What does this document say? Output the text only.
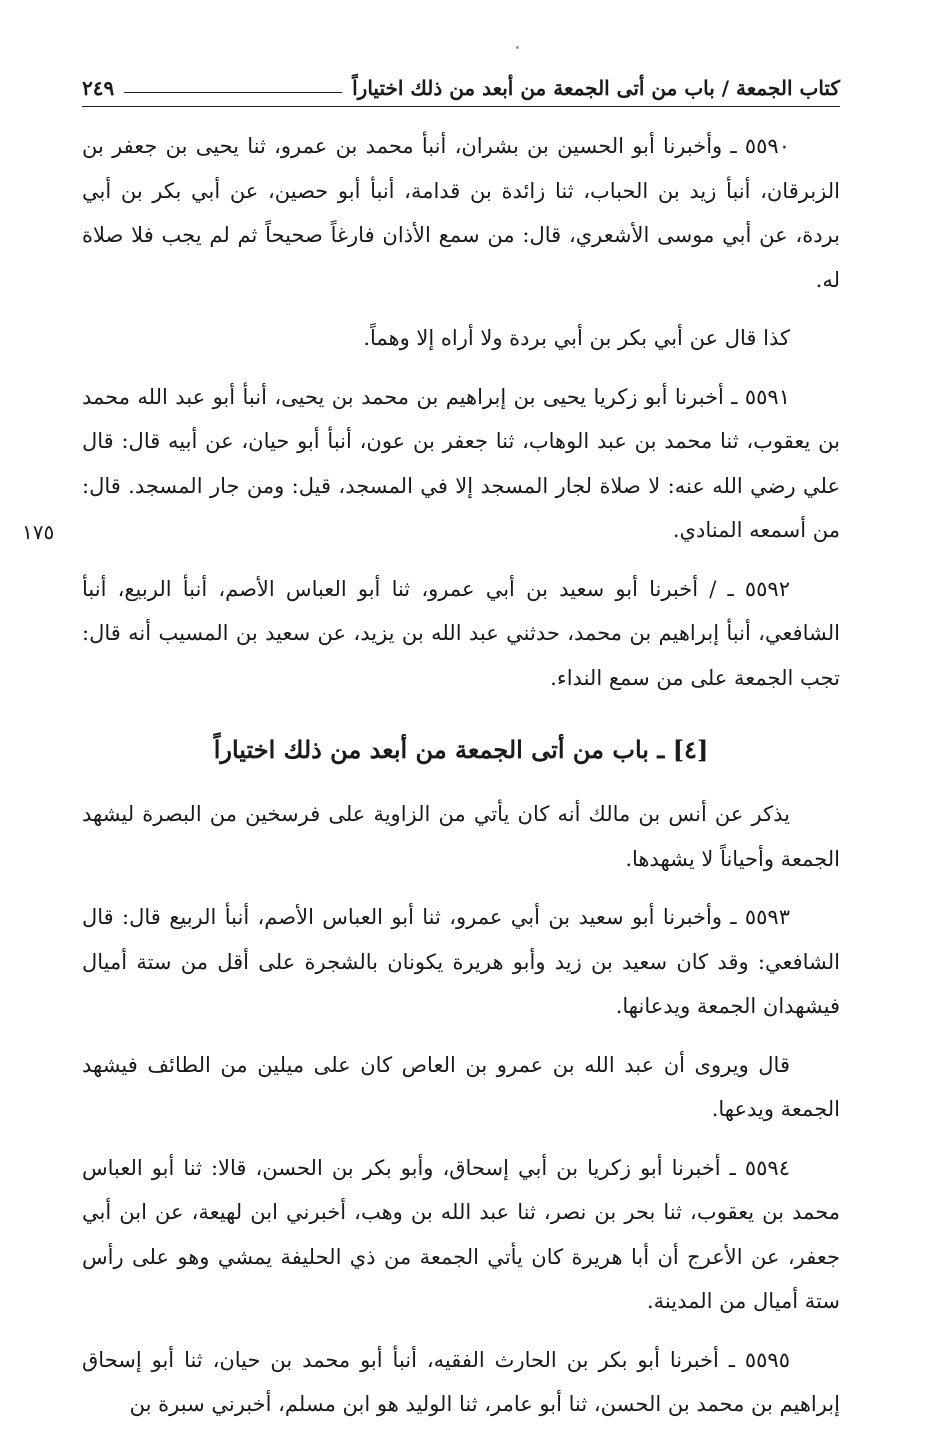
كتاب الجمعة / باب من أتى الجمعة من أبعد من ذلك اختياراً
٢٤٩
١٧٥

٥٥٩٠ ـ وأخبرنا أبو الحسين بن بشران، أنبأ محمد بن عمرو، ثنا يحيى بن جعفر بن الزبرقان، أنبأ زيد بن الحباب، ثنا زائدة بن قدامة، أنبأ أبو حصين، عن أبي بكر بن أبي بردة، عن أبي موسى الأشعري، قال: من سمع الأذان فارغاً صحيحاً ثم لم يجب فلا صلاة له.

كذا قال عن أبي بكر بن أبي بردة ولا أراه إلا وهماً.

٥٥٩١ ـ أخبرنا أبو زكريا يحيى بن إبراهيم بن محمد بن يحيى، أنبأ أبو عبد الله محمد بن يعقوب، ثنا محمد بن عبد الوهاب، ثنا جعفر بن عون، أنبأ أبو حيان، عن أبيه قال: قال علي رضي الله عنه: لا صلاة لجار المسجد إلا في المسجد، قيل: ومن جار المسجد. قال: من أسمعه المنادي.

٥٥٩٢ ـ / أخبرنا أبو سعيد بن أبي عمرو، ثنا أبو العباس الأصم، أنبأ الربيع، أنبأ الشافعي، أنبأ إبراهيم بن محمد، حدثني عبد الله بن يزيد، عن سعيد بن المسيب أنه قال: تجب الجمعة على من سمع النداء.

[٤] ـ باب من أتى الجمعة من أبعد من ذلك اختياراً

يذكر عن أنس بن مالك أنه كان يأتي من الزاوية على فرسخين من البصرة ليشهد الجمعة وأحياناً لا يشهدها.

٥٥٩٣ ـ وأخبرنا أبو سعيد بن أبي عمرو، ثنا أبو العباس الأصم، أنبأ الربيع قال: قال الشافعي: وقد كان سعيد بن زيد وأبو هريرة يكونان بالشجرة على أقل من ستة أميال فيشهدان الجمعة ويدعانها.

قال ويروى أن عبد الله بن عمرو بن العاص كان على ميلين من الطائف فيشهد الجمعة ويدعها.

٥٥٩٤ ـ أخبرنا أبو زكريا بن أبي إسحاق، وأبو بكر بن الحسن، قالا: ثنا أبو العباس محمد بن يعقوب، ثنا بحر بن نصر، ثنا عبد الله بن وهب، أخبرني ابن لهيعة، عن ابن أبي جعفر، عن الأعرج أن أبا هريرة كان يأتي الجمعة من ذي الحليفة يمشي وهو على رأس ستة أميال من المدينة.

٥٥٩٥ ـ أخبرنا أبو بكر بن الحارث الفقيه، أنبأ أبو محمد بن حيان، ثنا أبو إسحاق إبراهيم بن محمد بن الحسن، ثنا أبو عامر، ثنا الوليد هو ابن مسلم، أخبرني سبرة بن
